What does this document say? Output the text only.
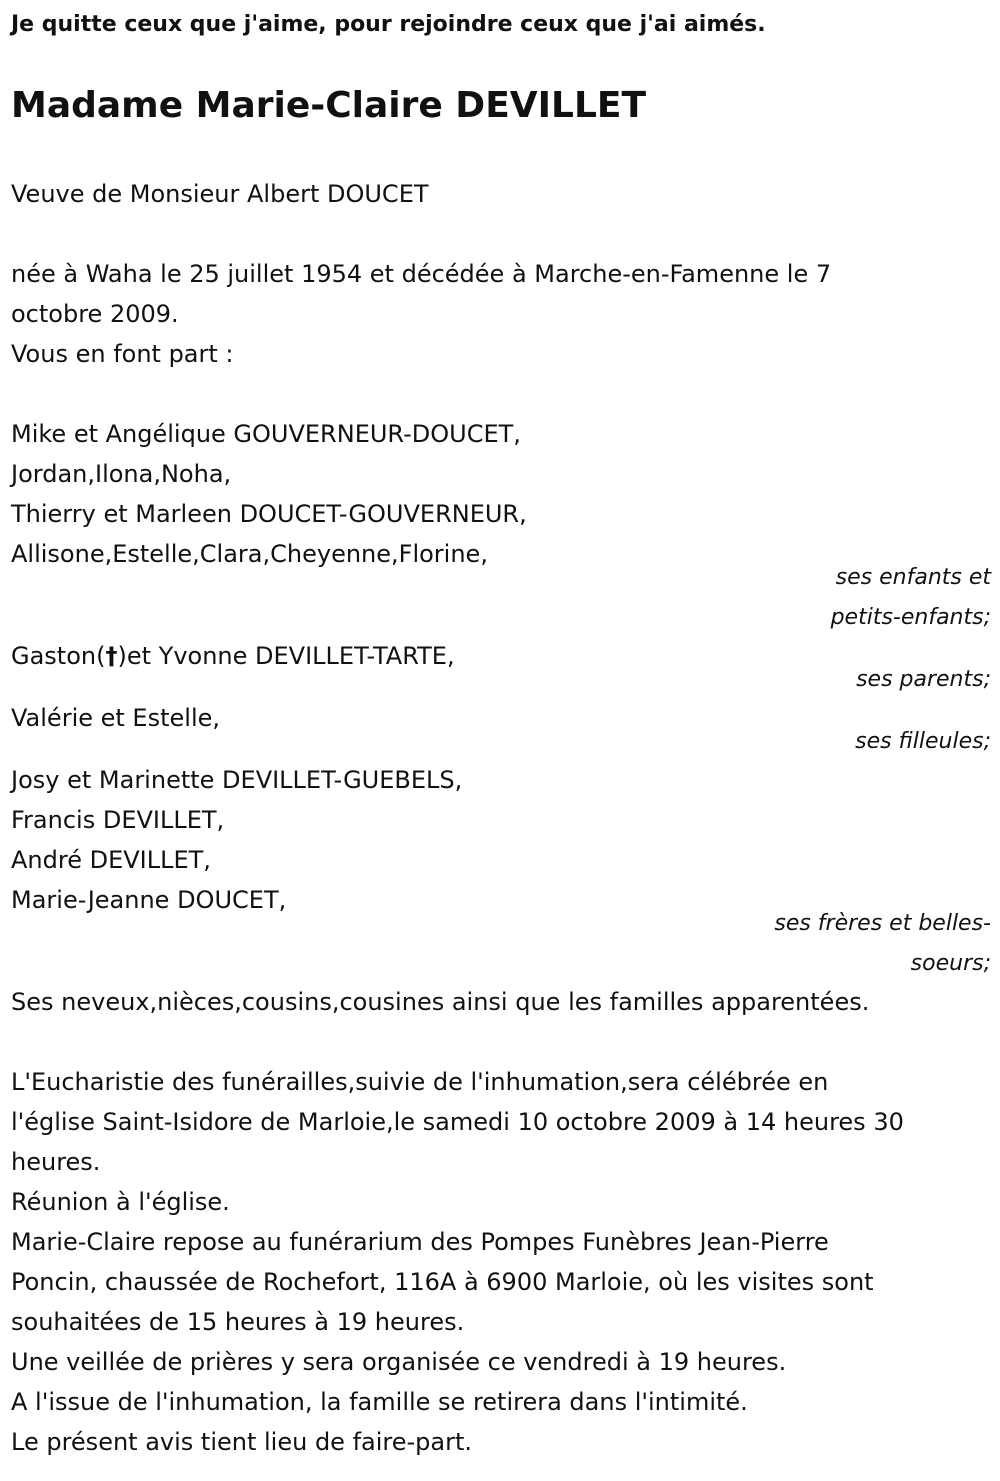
Je quitte ceux que j'aime, pour rejoindre ceux que j'ai aimés.
Madame Marie-Claire DEVILLET
Veuve de Monsieur Albert DOUCET
née à Waha le 25 juillet 1954 et décédée à Marche-en-Famenne le 7
octobre 2009.
Vous en font part :
Mike et Angélique GOUVERNEUR-DOUCET,
Jordan,Ilona,Noha,
Thierry et Marleen DOUCET-GOUVERNEUR,
Allisone,Estelle,Clara,Cheyenne,Florine,
ses enfants et
petits-enfants;
Gaston(†)et Yvonne DEVILLET-TARTE,
ses parents;
Valérie et Estelle,
ses filleules;
Josy et Marinette DEVILLET-GUEBELS,
Francis DEVILLET,
André DEVILLET,
Marie-Jeanne DOUCET,
ses frères et belles-
soeurs;
Ses neveux,nièces,cousins,cousines ainsi que les familles apparentées.
L'Eucharistie des funérailles,suivie de l'inhumation,sera célébrée en
l'église Saint-Isidore de Marloie,le samedi 10 octobre 2009 à 14 heures 30
heures.
Réunion à l'église.
Marie-Claire repose au funérarium des Pompes Funèbres Jean-Pierre
Poncin, chaussée de Rochefort, 116A à 6900 Marloie, où les visites sont
souhaitées de 15 heures à 19 heures.
Une veillée de prières y sera organisée ce vendredi à 19 heures.
A l'issue de l'inhumation, la famille se retirera dans l'intimité.
Le présent avis tient lieu de faire-part.
